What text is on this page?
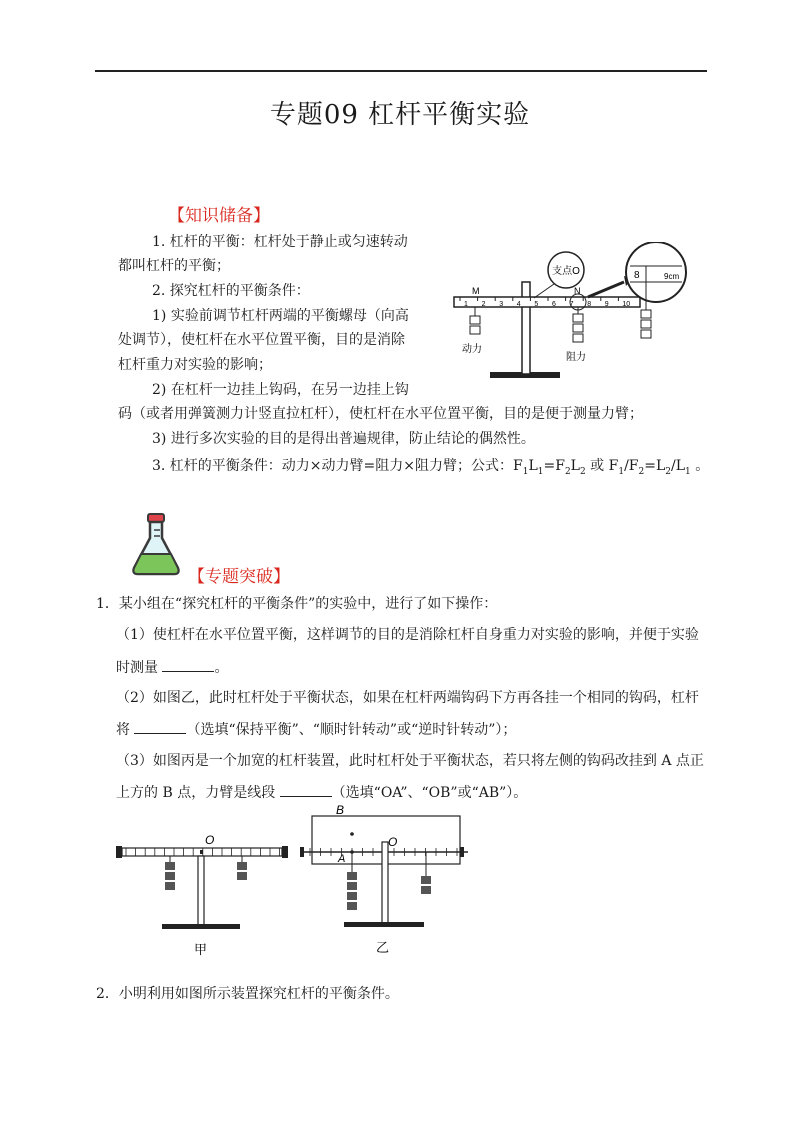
专题09 杠杆平衡实验
【知识储备】
1. 杠杆的平衡：杠杆处于静止或匀速转动
都叫杠杆的平衡；
2. 探究杠杆的平衡条件：
1) 实验前调节杠杆两端的平衡螺母（向高
处调节），使杠杆在水平位置平衡，目的是消除
杠杆重力对实验的影响；
2) 在杠杆一边挂上钩码，在另一边挂上钩
码（或者用弹簧测力计竖直拉杠杆），使杠杆在水平位置平衡，目的是便于测量力臂；
3) 进行多次实验的目的是得出普遍规律，防止结论的偶然性。
3. 杠杆的平衡条件：动力×动力臂=阻力×阻力臂；公式：$F_1L_1=F_2L_2$ 或 $F_1/F_2=L_2/L_1$ 。
1 2 3 4 5 6 7 8 9 10
支点O
M	N
8	9cm
动力
阻力
【专题突破】
1．某小组在“探究杠杆的平衡条件”的实验中，进行了如下操作：
（1）使杠杆在水平位置平衡，这样调节的目的是消除杠杆自身重力对实验的影响，并便于实验
时测量	。
（2）如图乙，此时杠杆处于平衡状态，如果在杠杆两端钩码下方再各挂一个相同的钩码，杠杆
将	（选填“保持平衡”、“顺时针转动”或“逆时针转动”）；
（3）如图丙是一个加宽的杠杆装置，此时杠杆处于平衡状态，若只将左侧的钩码改挂到 A 点正
上方的 B 点，力臂是线段	（选填“OA”、“OB”或“AB”）。
O
甲
B
A
O
乙
2．小明利用如图所示装置探究杠杆的平衡条件。
